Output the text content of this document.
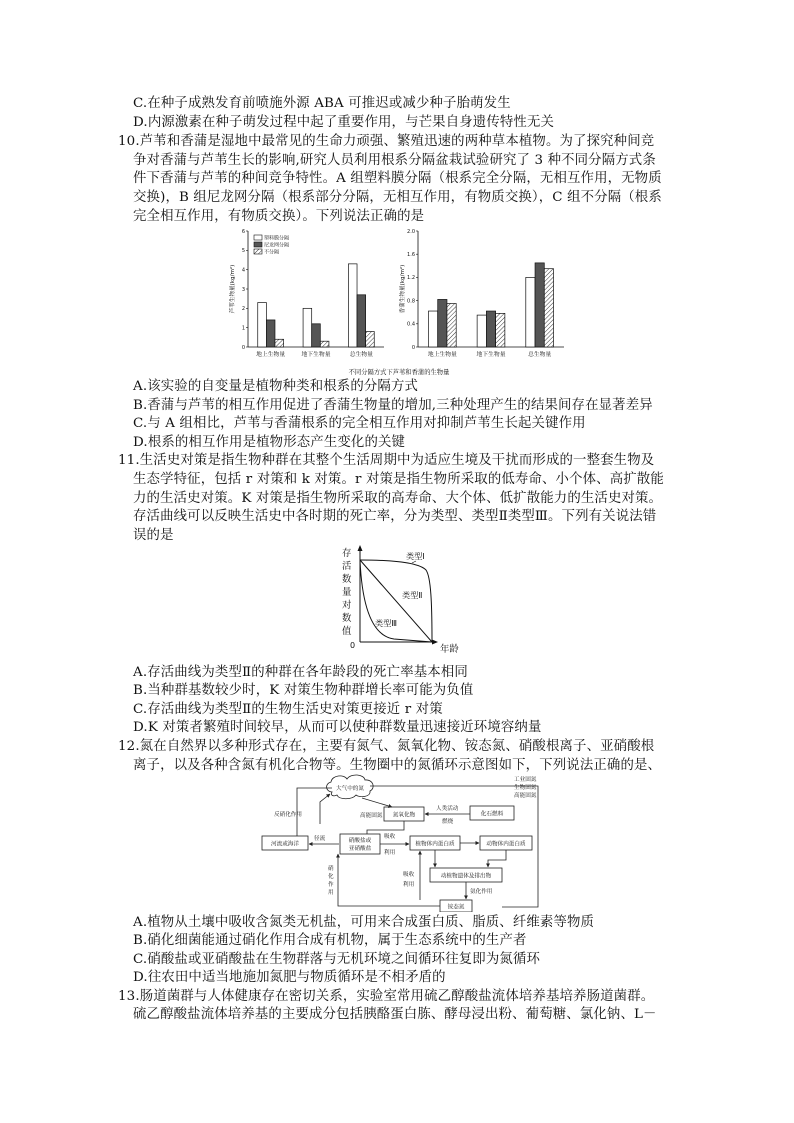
C.在种子成熟发育前喷施外源 ABA 可推迟或减少种子胎萌发生
D.内源激素在种子萌发过程中起了重要作用，与芒果自身遗传特性无关
10.芦苇和香蒲是湿地中最常见的生命力顽强、繁殖迅速的两种草本植物。为了探究种间竞
争对香蒲与芦苇生长的影响,研究人员利用根系分隔盆栽试验研究了 3 种不同分隔方式条
件下香蒲与芦苇的种间竞争特性。A 组塑料膜分隔（根系完全分隔，无相互作用，无物质
交换)，B 组尼龙网分隔（根系部分分隔，无相互作用，有物质交换），C 组不分隔（根系
完全相互作用，有物质交换）。下列说法正确的是
0
1
2
3
4
5
6
芦苇生物量(kg/m²)
地上生物量	地下生物量	总生物量
塑料膜分隔
尼龙网分隔
不分隔
0
0.4
0.8
1.2
1.6
2.0
香蒲生物量(kg/m²)
地上生物量	地下生物量	总生物量
不同分隔方式下芦苇和香蒲的生物量
A.该实验的自变量是植物种类和根系的分隔方式
B.香蒲与芦苇的相互作用促进了香蒲生物量的增加,三种处理产生的结果间存在显著差异
C.与 A 组相比，芦苇与香蒲根系的完全相互作用对抑制芦苇生长起关键作用
D.根系的相互作用是植物形态产生变化的关键
11.生活史对策是指生物种群在其整个生活周期中为适应生境及干扰而形成的一整套生物及
生态学特征，包括 r 对策和 k 对策。r 对策是指生物所采取的低寿命、小个体、高扩散能
力的生活史对策。K 对策是指生物所采取的高寿命、大个体、低扩散能力的生活史对策。
存活曲线可以反映生活史中各时期的死亡率，分为类型、类型Ⅱ类型Ⅲ。下列有关说法错
误的是
存
活
数
量
对
数
值
0	年龄
类型Ⅰ
类型Ⅱ
类型Ⅲ
A.存活曲线为类型Ⅱ的种群在各年龄段的死亡率基本相同
B.当种群基数较少时，K 对策生物种群增长率可能为负值
C.存活曲线为类型Ⅱ的生物生活史对策更接近 r 对策
D.K 对策者繁殖时间较早，从而可以使种群数量迅速接近环境容纳量
12.氮在自然界以多种形式存在，主要有氮气、氮氧化物、铵态氮、硝酸根离子、亚硝酸根
离子，以及各种含氮有机化合物等。生物圈中的氮循环示意图如下，下列说法正确的是、
大气中的氮
工业固氮
生物固氮
高能固氮
反硝化作用	氮氧化物
高能固氮	化石燃料
人类活动
燃烧
河流或海洋
径流	硝酸盐或
亚硝酸盐
吸收
利用
植物体内蛋白质	动物体内蛋白质
硝
化
作
用
动植物遗体及排出物
氨化作用
吸收
利用
铵态氮
A.植物从土壤中吸收含氮类无机盐，可用来合成蛋白质、脂质、纤维素等物质
B.硝化细菌能通过硝化作用合成有机物，属于生态系统中的生产者
C.硝酸盐或亚硝酸盐在生物群落与无机环境之间循环往复即为氮循环
D.往农田中适当地施加氮肥与物质循环是不相矛盾的
13.肠道菌群与人体健康存在密切关系，实验室常用硫乙醇酸盐流体培养基培养肠道菌群。
硫乙醇酸盐流体培养基的主要成分包括胰酪蛋白胨、酵母浸出粉、葡萄糖、氯化钠、L－
